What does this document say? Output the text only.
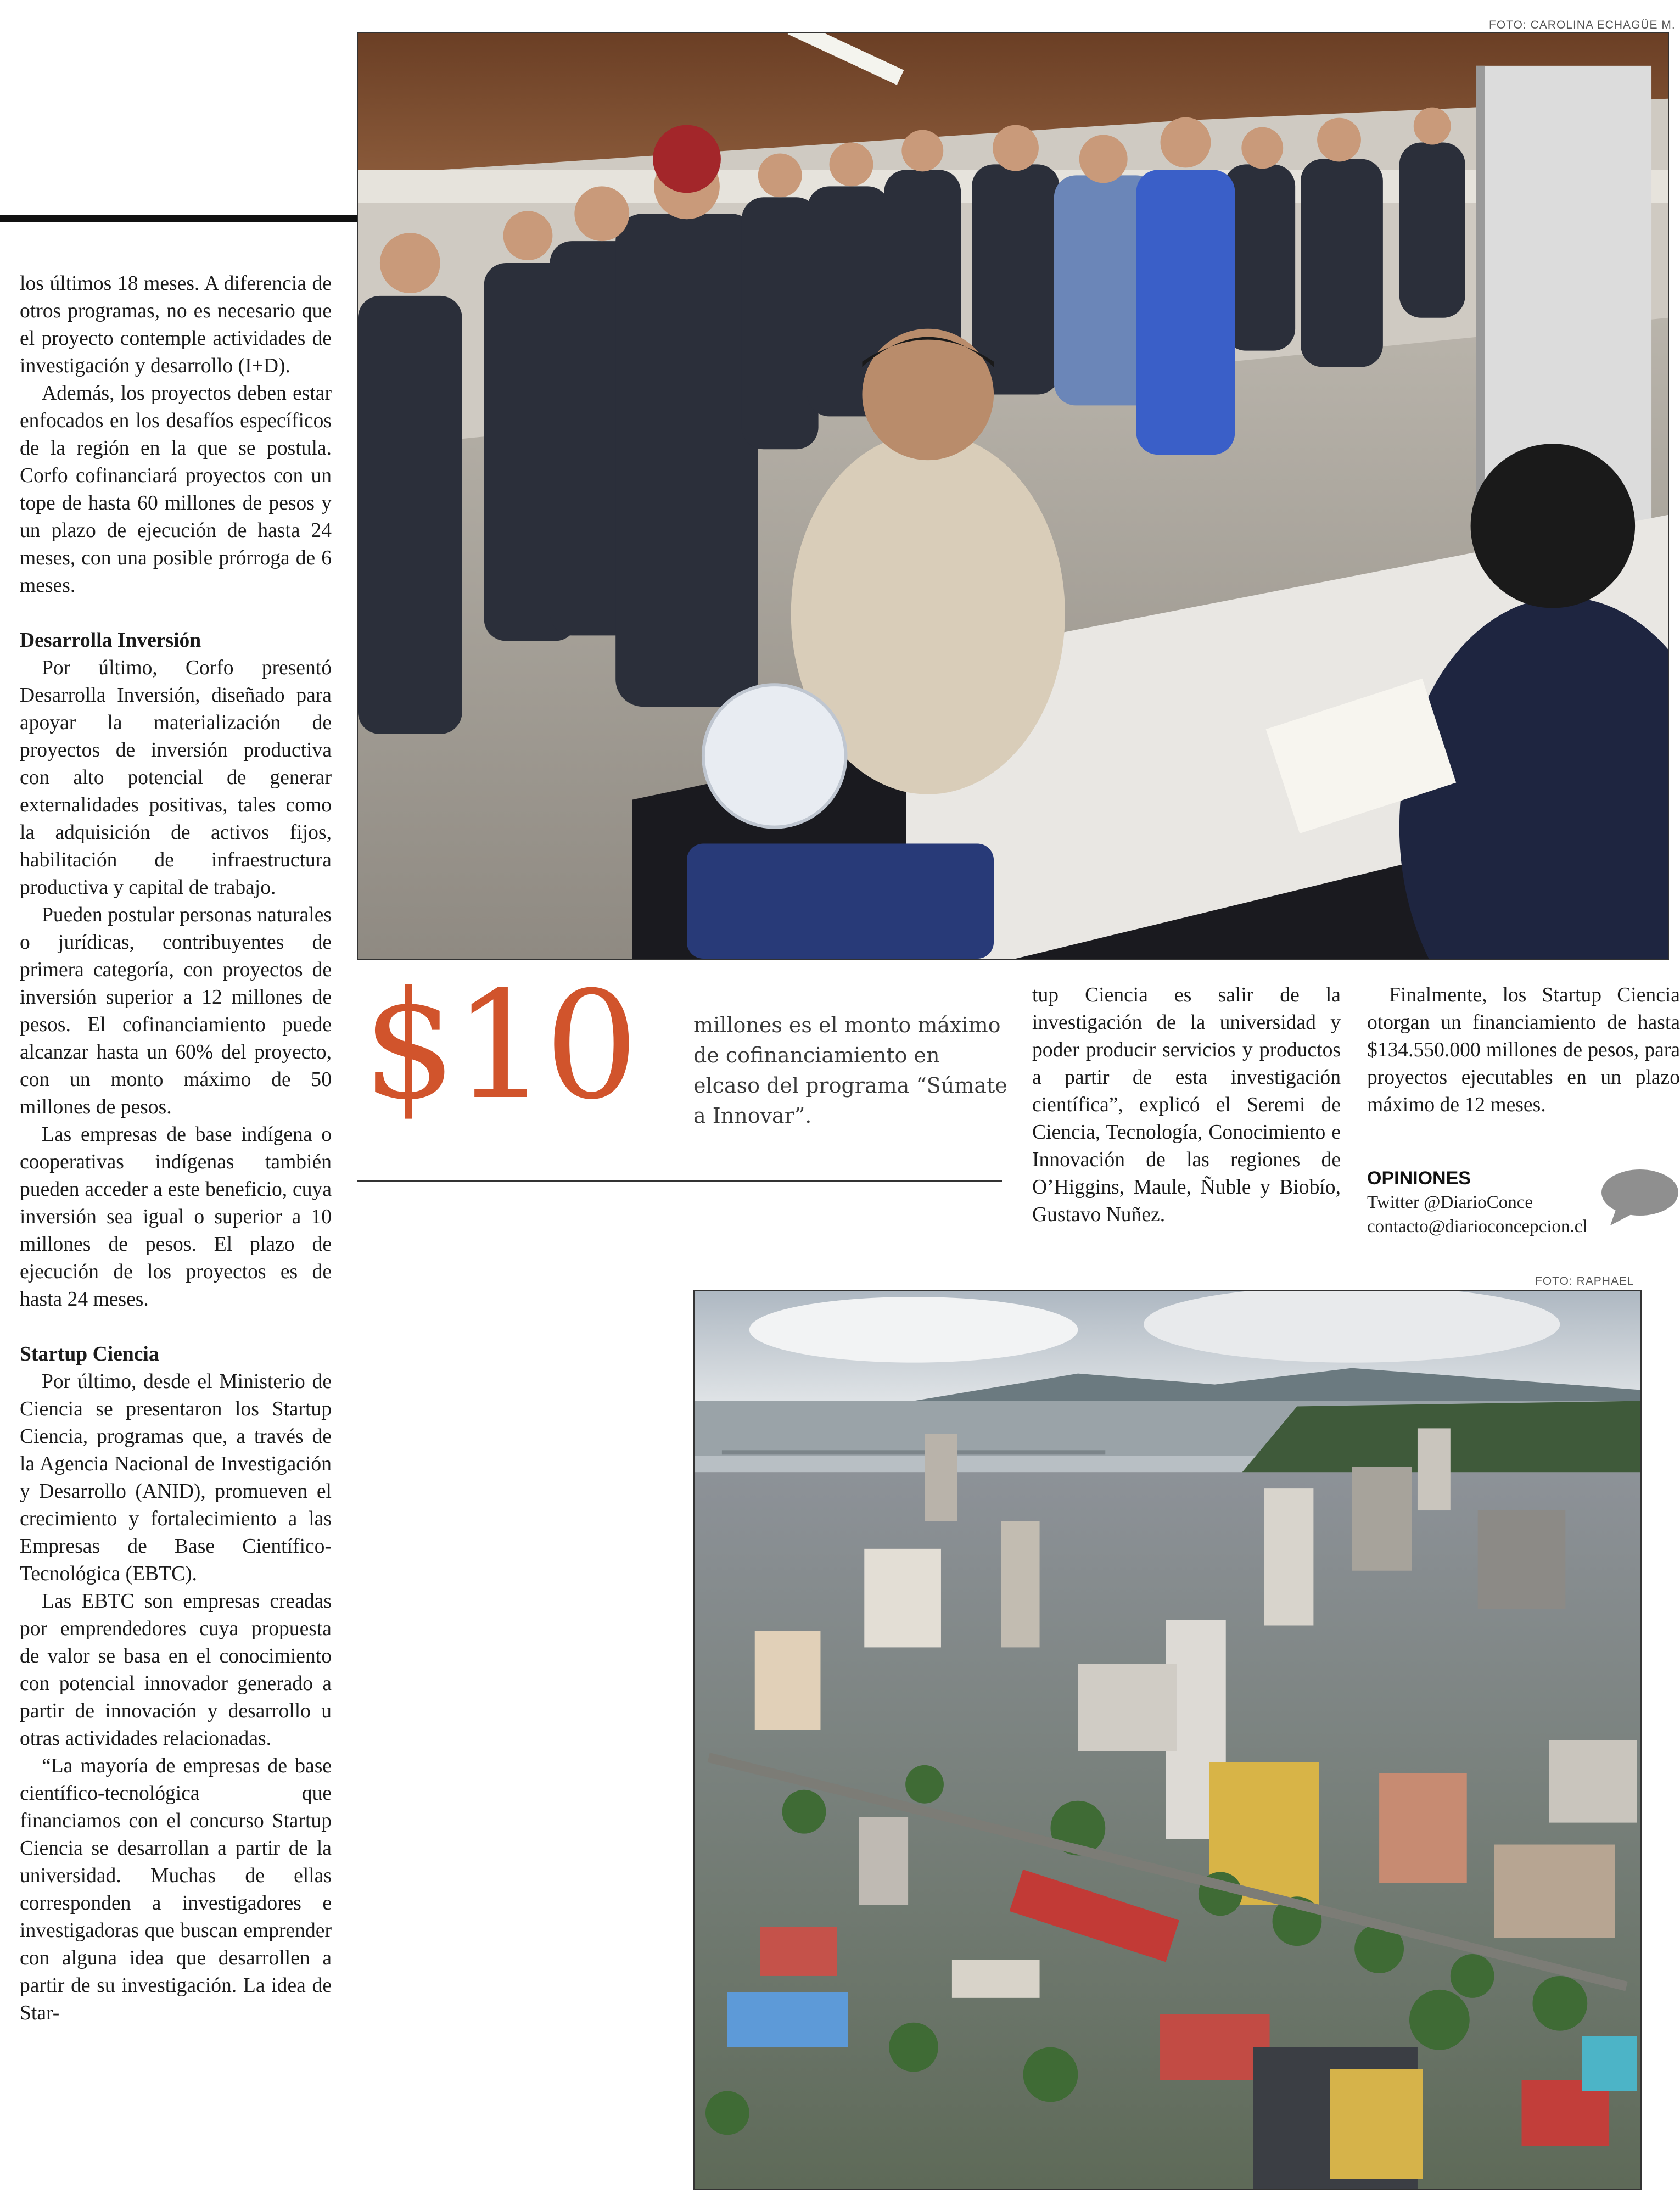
FOTO: CAROLINA ECHAGÜE M.
FOTO: RAPHAEL

los últimos 18 meses. A diferencia de otros programas, no es necesario que el proyecto contemple actividades de investigación y desarrollo (I+D).

Además, los proyectos deben estar enfocados en los desafíos específicos de la región en la que se postula. Corfo cofinanciará proyectos con un tope de hasta 60 millones de pesos y un plazo de ejecución de hasta 24 meses, con una posible prórroga de 6 meses.

Desarrolla Inversión

Por último, Corfo presentó Desarrolla Inversión, diseñado para apoyar la materialización de proyectos de inversión productiva con alto potencial de generar externalidades positivas, tales como la adquisición de activos fijos, habilitación de infraestructura productiva y capital de trabajo.

Pueden postular personas naturales o jurídicas, contribuyentes de primera categoría, con proyectos de inversión superior a 12 millones de pesos. El cofinanciamiento puede alcanzar hasta un 60% del proyecto, con un monto máximo de 50 millones de pesos.

Las empresas de base indígena o cooperativas indígenas también pueden acceder a este beneficio, cuya inversión sea igual o superior a 10 millones de pesos. El plazo de ejecución de los proyectos es de hasta 24 meses.

Startup Ciencia

Por último, desde el Ministerio de Ciencia se presentaron los Startup Ciencia, programas que, a través de la Agencia Nacional de Investigación y Desarrollo (ANID), promueven el crecimiento y fortalecimiento a las Empresas de Base Científico-Tecnológica (EBTC).

Las EBTC son empresas creadas por emprendedores cuya propuesta de valor se basa en el conocimiento con potencial innovador generado a partir de innovación y desarrollo u otras actividades relacionadas.

“La mayoría de empresas de base científico-tecnológica que financiamos con el concurso Startup Ciencia se desarrollan a partir de la universidad. Muchas de ellas corresponden a investigadores e investigadoras que buscan emprender con alguna idea que desarrollen a partir de su investigación. La idea de Star-

$10	millones es el monto máximo de cofinanciamiento en elcaso del programa “Súmate a Innovar”.

tup Ciencia es salir de la investigación de la universidad y poder producir servicios y productos a partir de esta investigación científica”, explicó el Seremi de Ciencia, Tecnología, Conocimiento e Innovación de las regiones de O’Higgins, Maule, Ñuble y Biobío, Gustavo Nuñez.

Finalmente, los Startup Ciencia otorgan un financiamiento de hasta $134.550.000 millones de pesos, para proyectos ejecutables en un plazo máximo de 12 meses.

OPINIONES
Twitter @DiarioConce
contacto@diarioconcepcion.cl
